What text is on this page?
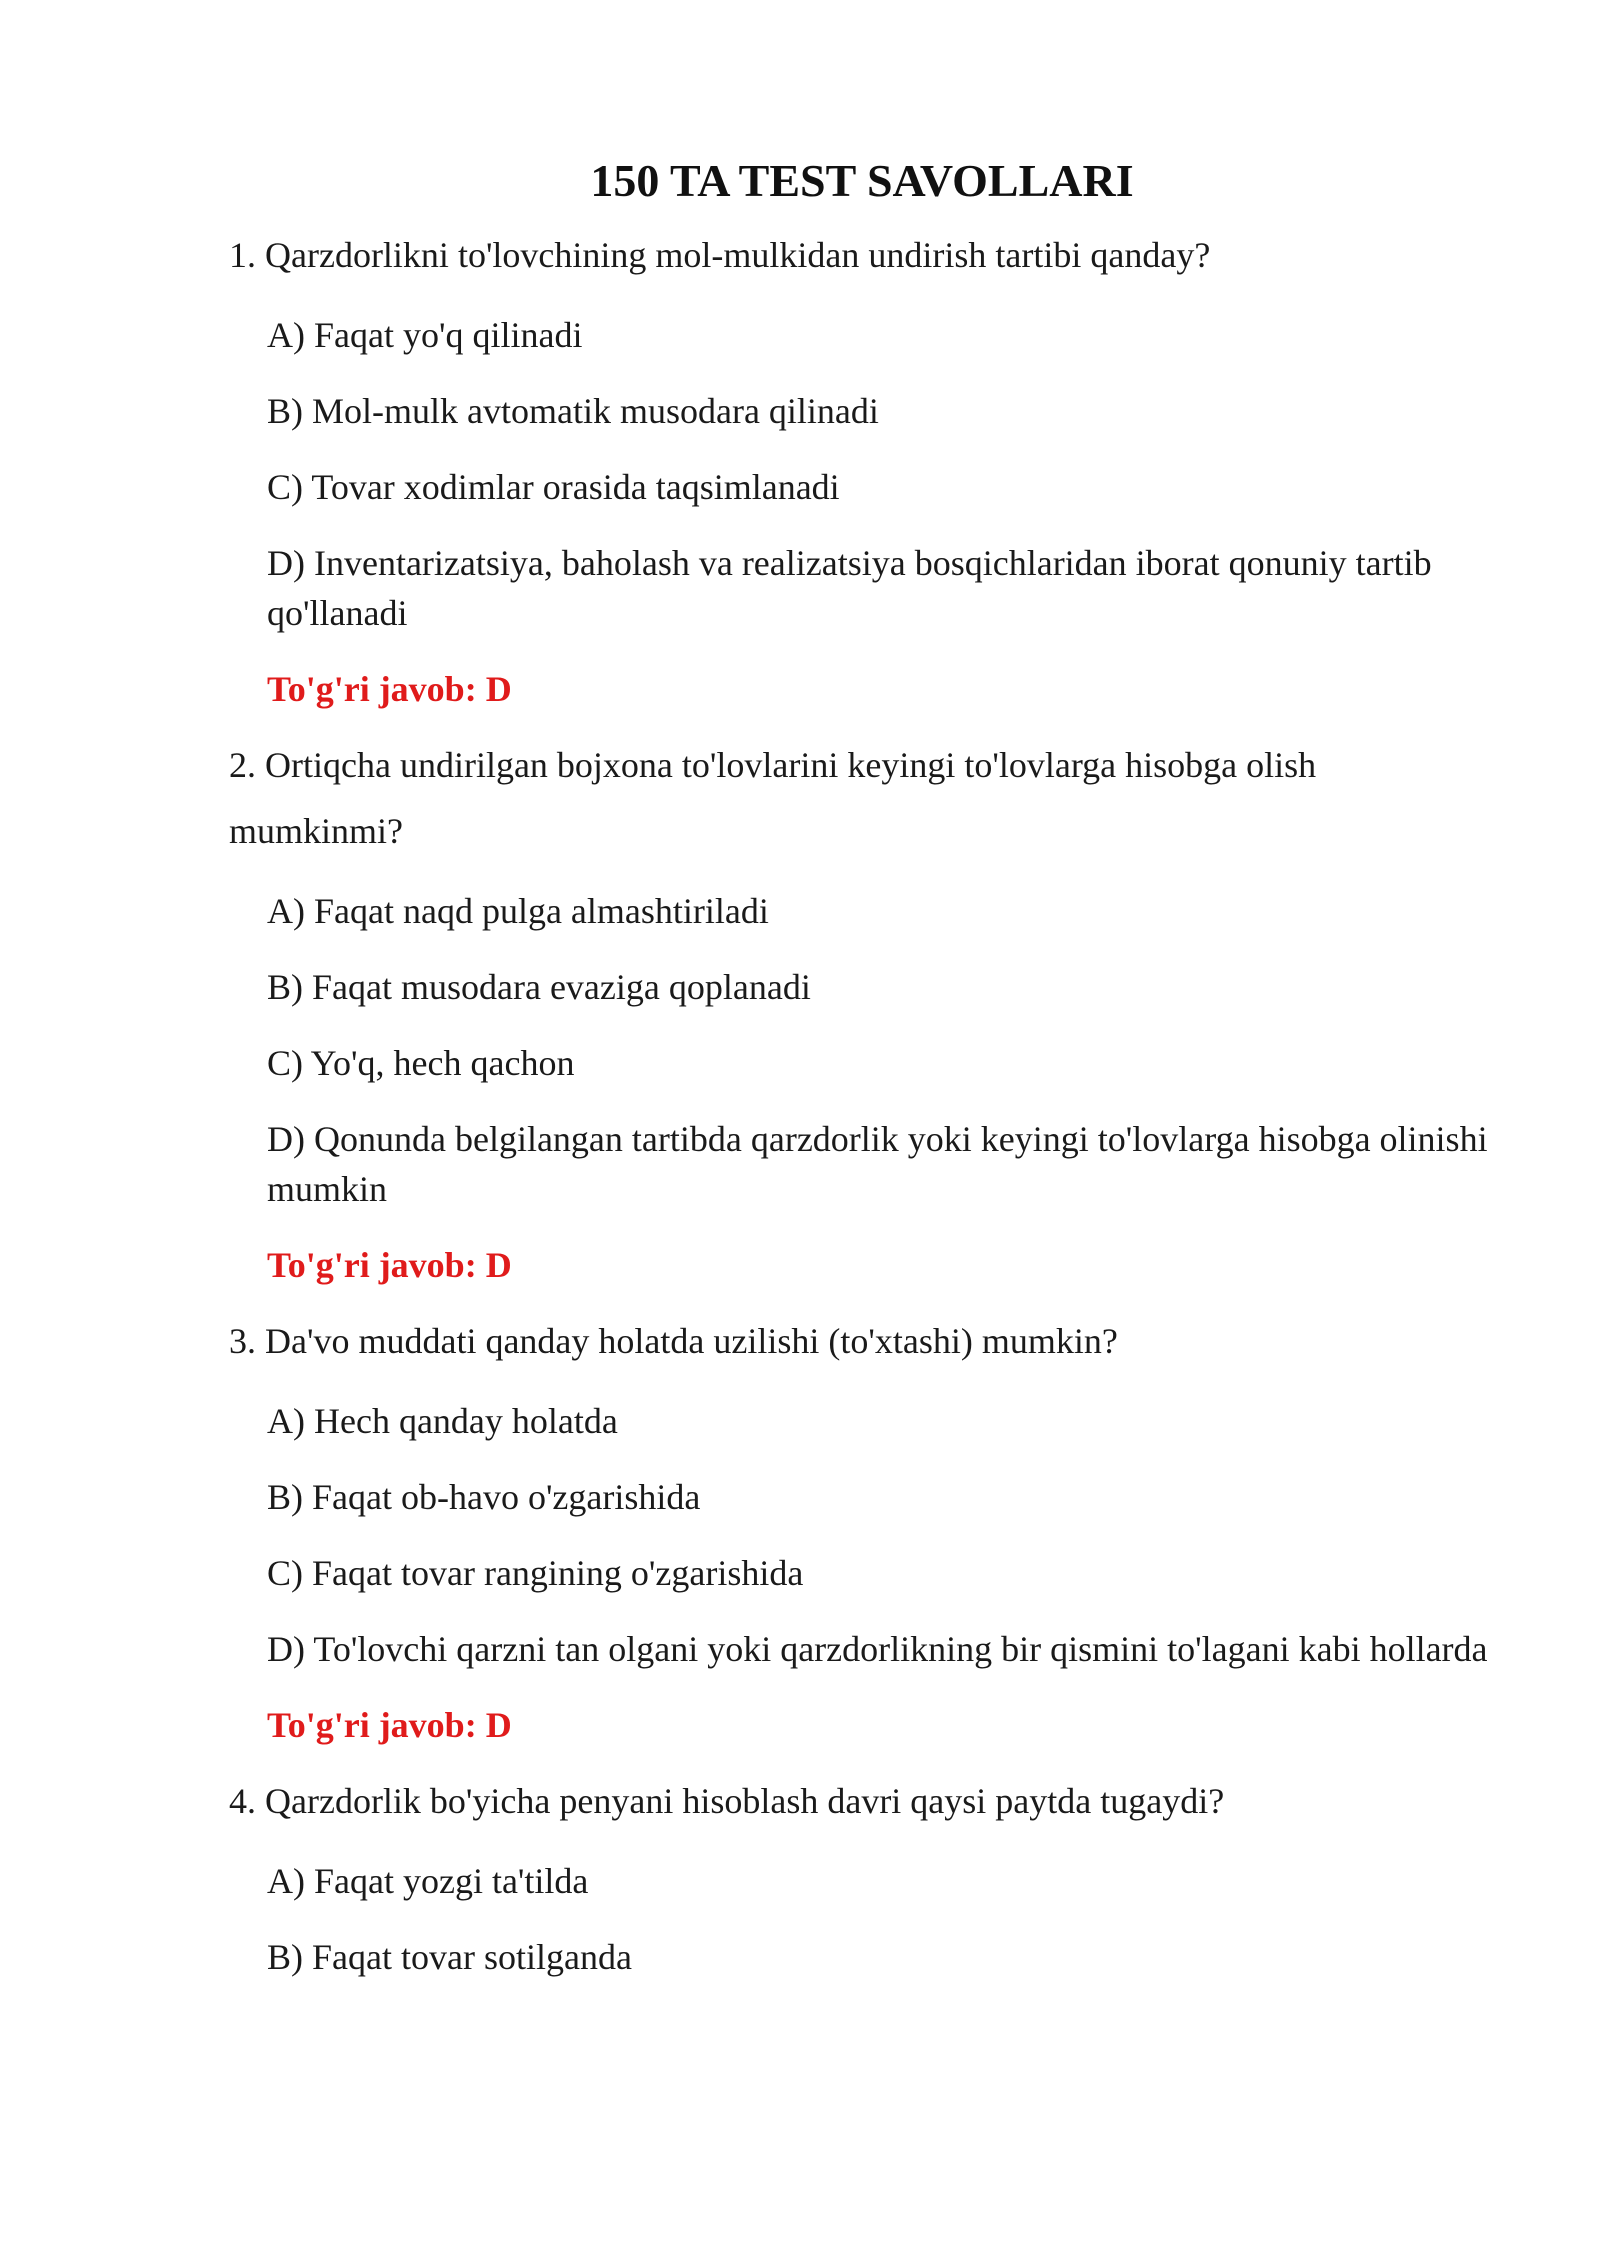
150 TA TEST SAVOLLARI

1. Qarzdorlikni to'lovchining mol-mulkidan undirish tartibi qanday?

A) Faqat yo'q qilinadi

B) Mol-mulk avtomatik musodara qilinadi

C) Tovar xodimlar orasida taqsimlanadi

D) Inventarizatsiya, baholash va realizatsiya bosqichlaridan iborat qonuniy tartib qo'llanadi

To'g'ri javob: D

2. Ortiqcha undirilgan bojxona to'lovlarini keyingi to'lovlarga hisobga olish mumkinmi?

A) Faqat naqd pulga almashtiriladi

B) Faqat musodara evaziga qoplanadi

C) Yo'q, hech qachon

D) Qonunda belgilangan tartibda qarzdorlik yoki keyingi to'lovlarga hisobga olinishi mumkin

To'g'ri javob: D

3. Da'vo muddati qanday holatda uzilishi (to'xtashi) mumkin?

A) Hech qanday holatda

B) Faqat ob-havo o'zgarishida

C) Faqat tovar rangining o'zgarishida

D) To'lovchi qarzni tan olgani yoki qarzdorlikning bir qismini to'lagani kabi hollarda

To'g'ri javob: D

4. Qarzdorlik bo'yicha penyani hisoblash davri qaysi paytda tugaydi?

A) Faqat yozgi ta'tilda

B) Faqat tovar sotilganda
